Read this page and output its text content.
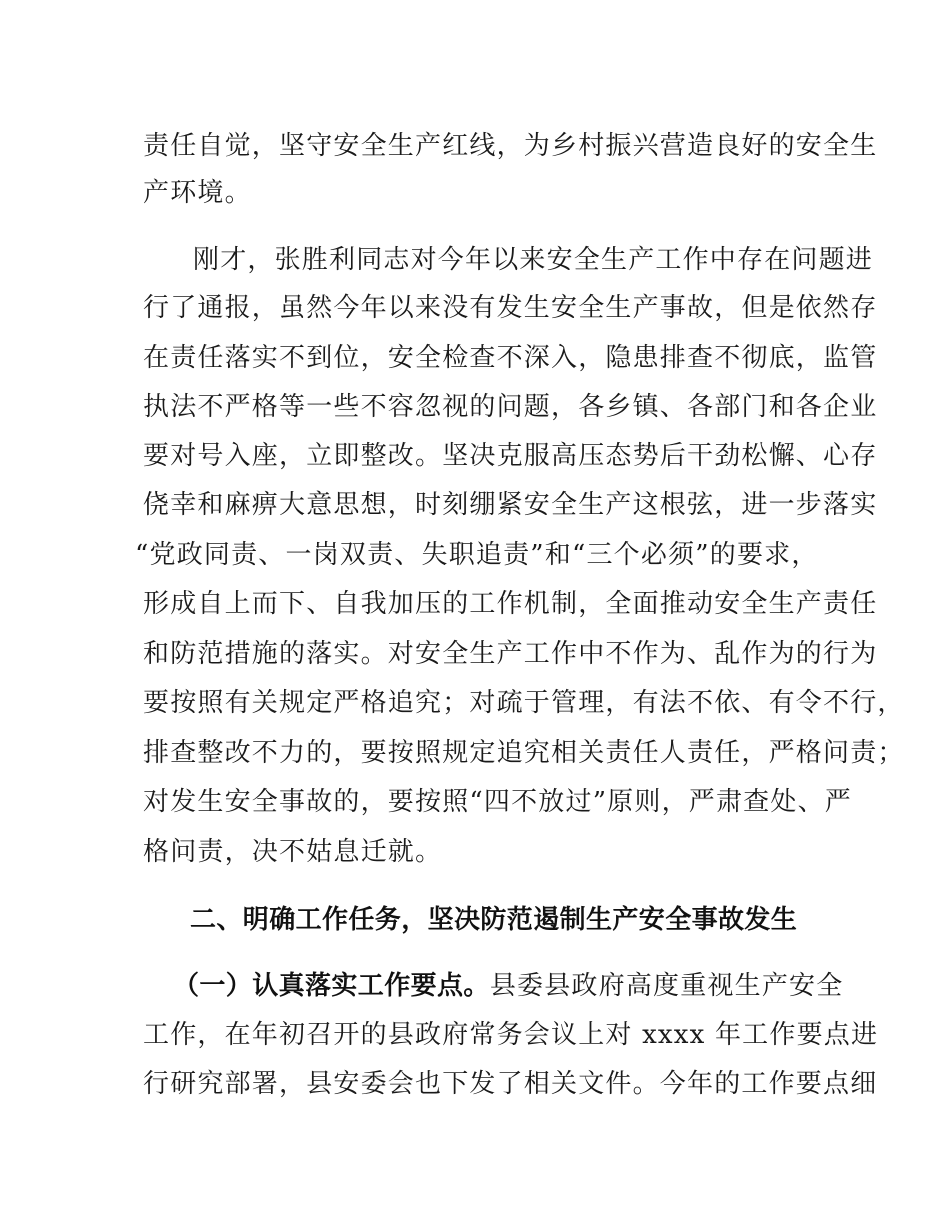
责任自觉，坚守安全生产红线，为乡村振兴营造良好的安全生
产环境。
刚才，张胜利同志对今年以来安全生产工作中存在问题进
行了通报，虽然今年以来没有发生安全生产事故，但是依然存
在责任落实不到位，安全检查不深入，隐患排查不彻底，监管
执法不严格等一些不容忽视的问题，各乡镇、各部门和各企业
要对号入座，立即整改。坚决克服高压态势后干劲松懈、心存
侥幸和麻痹大意思想，时刻绷紧安全生产这根弦，进一步落实
“党政同责、一岗双责、失职追责”和“三个必须”的要求，
形成自上而下、自我加压的工作机制，全面推动安全生产责任
和防范措施的落实。对安全生产工作中不作为、乱作为的行为
要按照有关规定严格追究；对疏于管理，有法不依、有令不行，
排查整改不力的，要按照规定追究相关责任人责任，严格问责；
对发生安全事故的，要按照“四不放过”原则，严肃查处、严
格问责，决不姑息迁就。
二、明确工作任务，坚决防范遏制生产安全事故发生
（一）认真落实工作要点。县委县政府高度重视生产安全
工作，在年初召开的县政府常务会议上对 xxxx 年工作要点进
行研究部署，县安委会也下发了相关文件。今年的工作要点细
